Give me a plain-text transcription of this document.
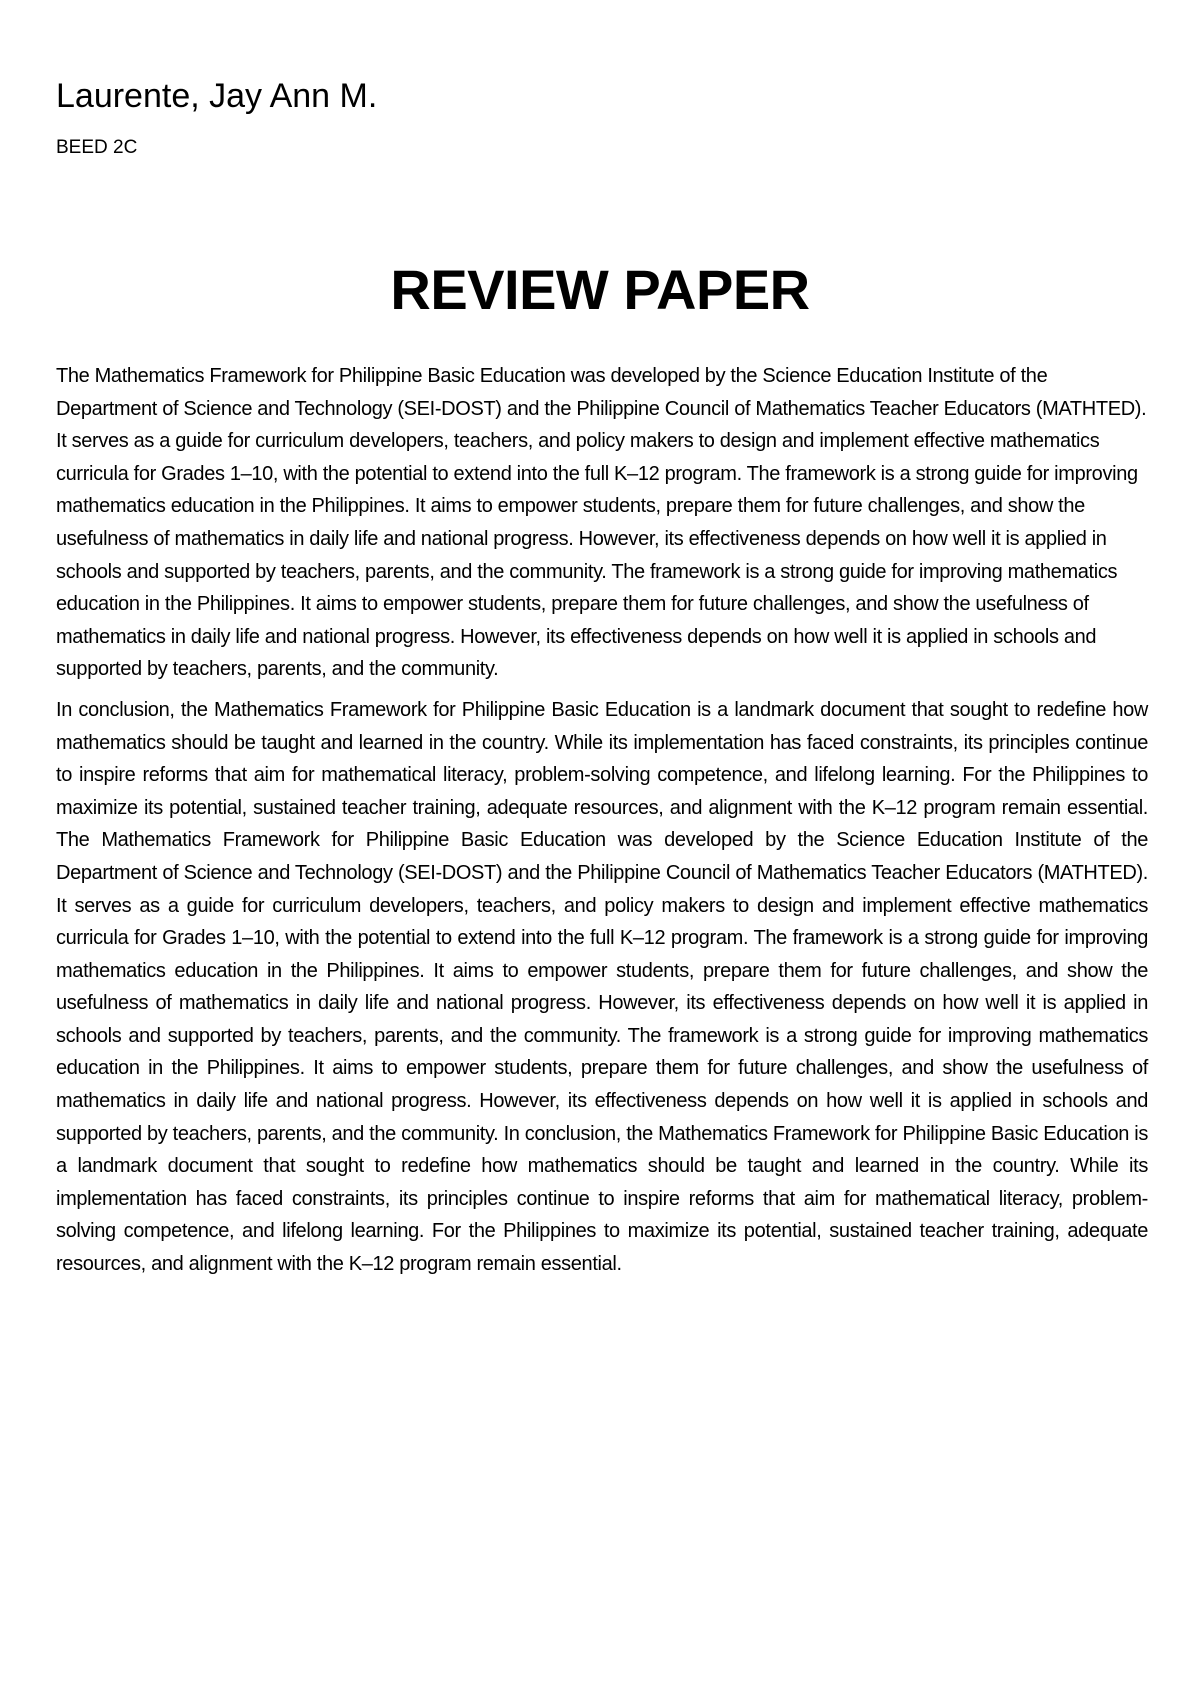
Laurente, Jay Ann M.

BEED 2C

REVIEW PAPER

The Mathematics Framework for Philippine Basic Education was developed by the Science Education Institute of the Department of Science and Technology (SEI-DOST) and the Philippine Council of Mathematics Teacher Educators (MATHTED). It serves as a guide for curriculum developers, teachers, and policy makers to design and implement effective mathematics curricula for Grades 1–10, with the potential to extend into the full K–12 program. The framework is a strong guide for improving mathematics education in the Philippines. It aims to empower students, prepare them for future challenges, and show the usefulness of mathematics in daily life and national progress. However, its effectiveness depends on how well it is applied in schools and supported by teachers, parents, and the community. The framework is a strong guide for improving mathematics education in the Philippines. It aims to empower students, prepare them for future challenges, and show the usefulness of mathematics in daily life and national progress. However, its effectiveness depends on how well it is applied in schools and supported by teachers, parents, and the community.

In conclusion, the Mathematics Framework for Philippine Basic Education is a landmark document that sought to redefine how mathematics should be taught and learned in the country. While its implementation has faced constraints, its principles continue to inspire reforms that aim for mathematical literacy, problem-solving competence, and lifelong learning. For the Philippines to maximize its potential, sustained teacher training, adequate resources, and alignment with the K–12 program remain essential. The Mathematics Framework for Philippine Basic Education was developed by the Science Education Institute of the Department of Science and Technology (SEI-DOST) and the Philippine Council of Mathematics Teacher Educators (MATHTED). It serves as a guide for curriculum developers, teachers, and policy makers to design and implement effective mathematics curricula for Grades 1–10, with the potential to extend into the full K–12 program. The framework is a strong guide for improving mathematics education in the Philippines. It aims to empower students, prepare them for future challenges, and show the usefulness of mathematics in daily life and national progress. However, its effectiveness depends on how well it is applied in schools and supported by teachers, parents, and the community. The framework is a strong guide for improving mathematics education in the Philippines. It aims to empower students, prepare them for future challenges, and show the usefulness of mathematics in daily life and national progress. However, its effectiveness depends on how well it is applied in schools and supported by teachers, parents, and the community. In conclusion, the Mathematics Framework for Philippine Basic Education is a landmark document that sought to redefine how mathematics should be taught and learned in the country. While its implementation has faced constraints, its principles continue to inspire reforms that aim for mathematical literacy, problem-solving competence, and lifelong learning. For the Philippines to maximize its potential, sustained teacher training, adequate resources, and alignment with the K–12 program remain essential.
